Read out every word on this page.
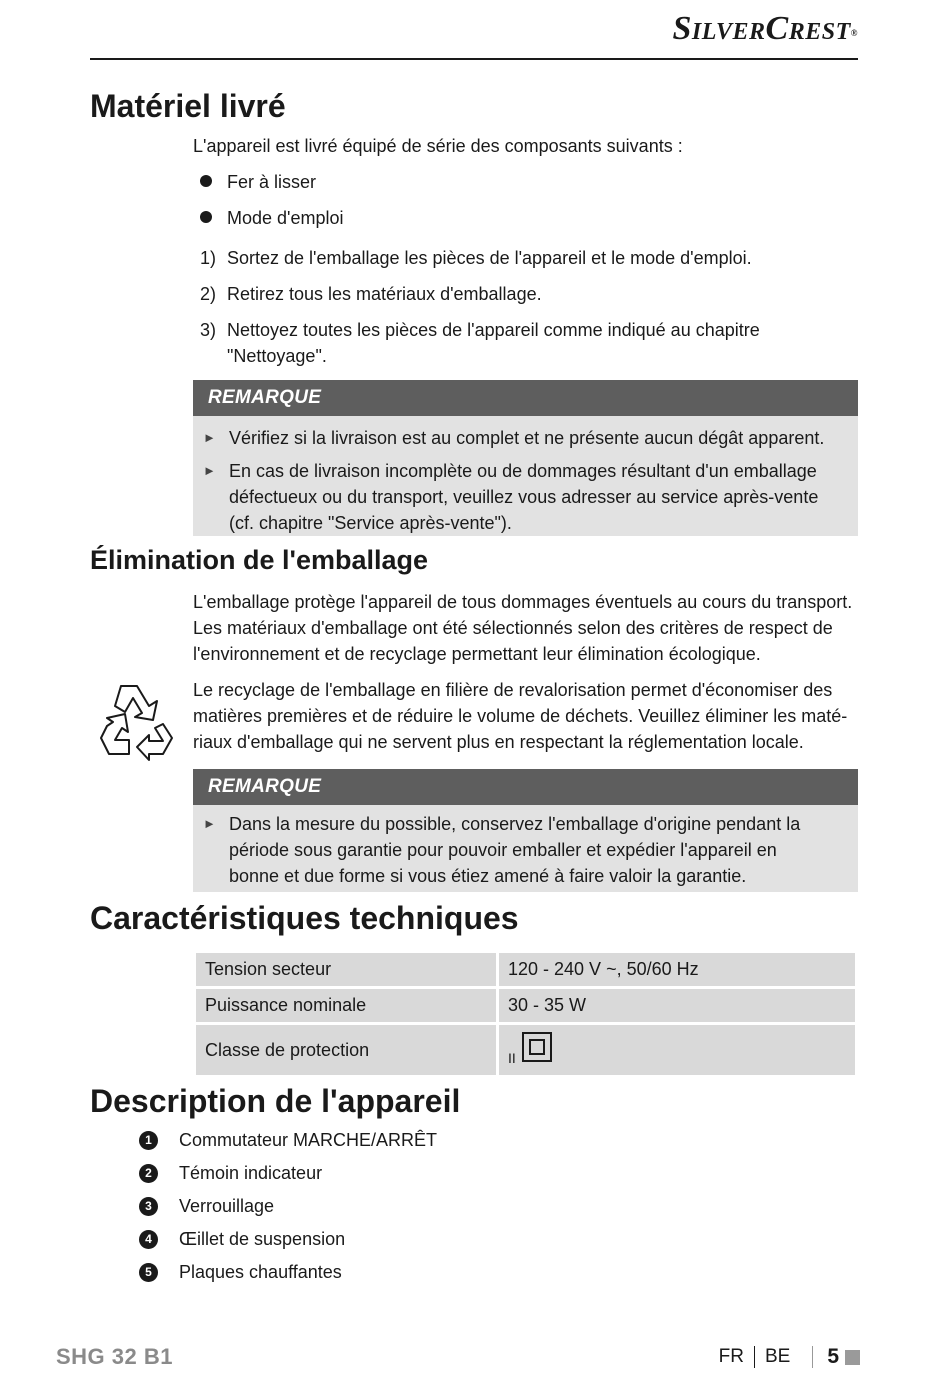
SilverCrest®
Matériel livré

L'appareil est livré équipé de série des composants suivants :

Fer à lisser
Mode d'emploi
1) Sortez de l'emballage les pièces de l'appareil et le mode d'emploi.
2) Retirez tous les matériaux d'emballage.
3) Nettoyez toutes les pièces de l'appareil comme indiqué au chapitre
"Nettoyage".
REMARQUE
► Vérifiez si la livraison est au complet et ne présente aucun dégât apparent.
► En cas de livraison incomplète ou de dommages résultant d'un emballage
défectueux ou du transport, veuillez vous adresser au service après-vente
(cf. chapitre "Service après-vente").
Élimination de l'emballage

L'emballage protège l'appareil de tous dommages éventuels au cours du transport.
Les matériaux d'emballage ont été sélectionnés selon des critères de respect de
l'environnement et de recyclage permettant leur élimination écologique.

Le recyclage de l'emballage en filière de revalorisation permet d'économiser des
matières premières et de réduire le volume de déchets. Veuillez éliminer les maté-
riaux d'emballage qui ne servent plus en respectant la réglementation locale.

REMARQUE
► Dans la mesure du possible, conservez l'emballage d'origine pendant la
période sous garantie pour pouvoir emballer et expédier l'appareil en
bonne et due forme si vous étiez amené à faire valoir la garantie.
Caractéristiques techniques
Tension secteur	120 - 240 V ~, 50/60 Hz
Puissance nominale	30 - 35 W
Classe de protection	II
Description de l'appareil
1	Commutateur MARCHE/ARRÊT
2	Témoin indicateur
3	Verrouillage
4	Œillet de suspension
5	Plaques chauffantes
SHG 32 B1	FR BE 5
